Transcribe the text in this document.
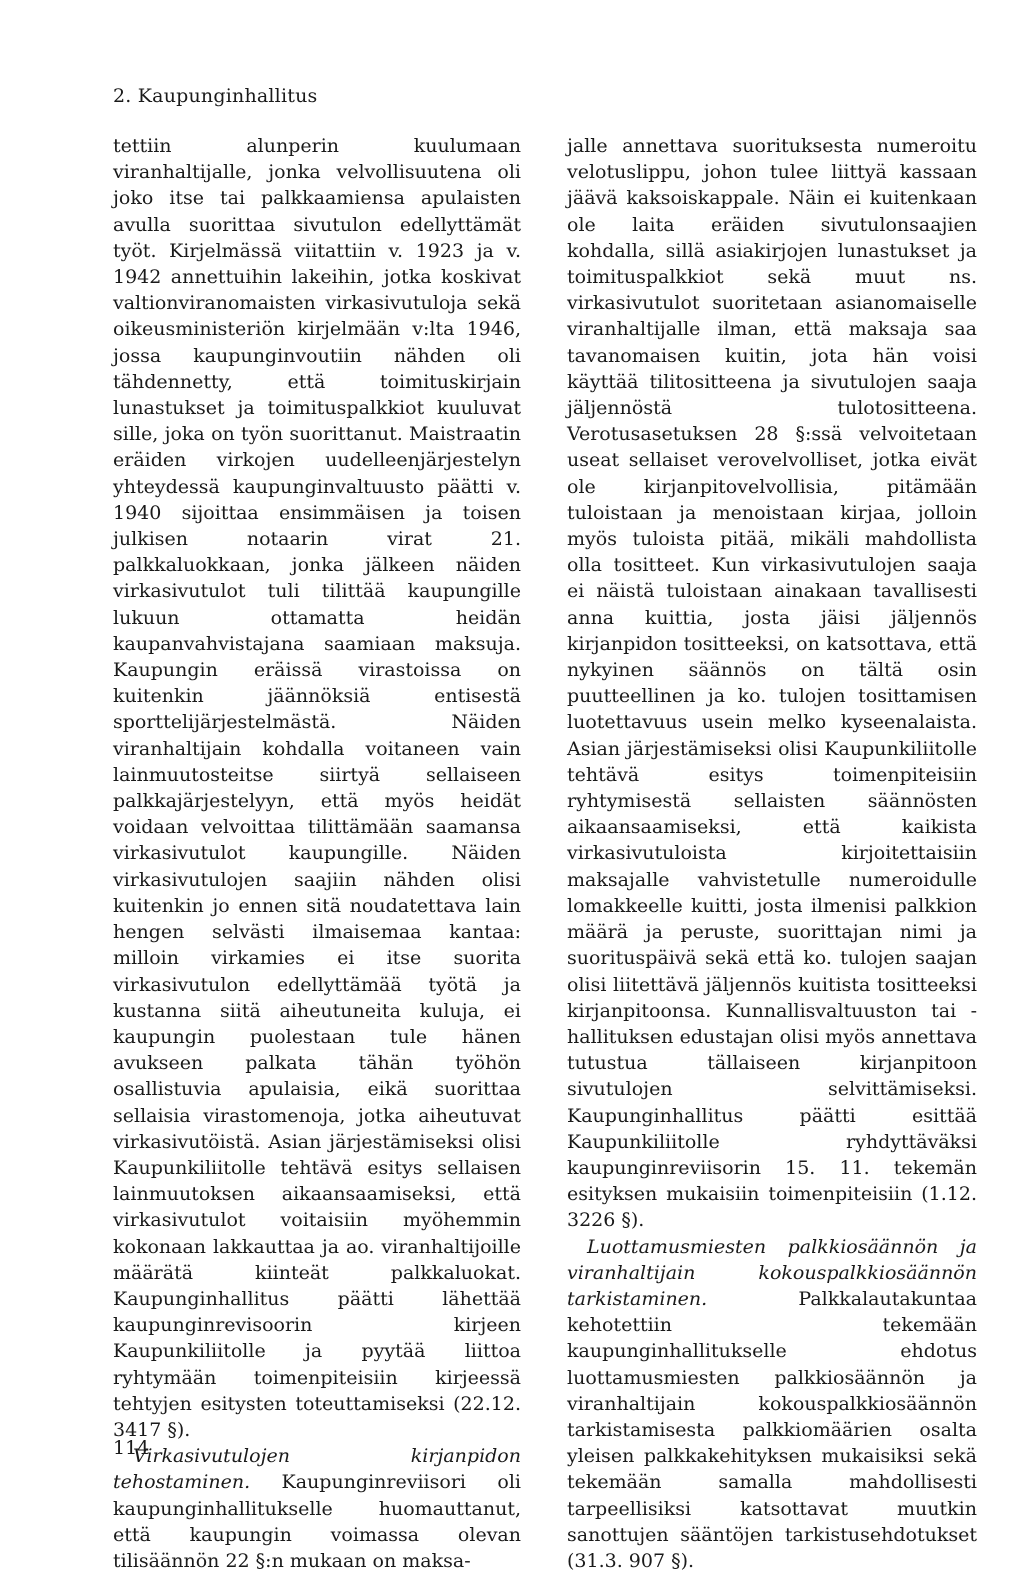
2. Kaupunginhallitus

tettiin alunperin kuulumaan viranhaltijalle, jonka velvollisuutena oli joko itse tai palkkaamiensa apulaisten avulla suorittaa sivutulon edellyttämät työt. Kirjelmässä viitattiin v. 1923 ja v. 1942 annettuihin lakeihin, jotka koskivat valtionviranomaisten virkasivutuloja sekä oikeusministeriön kirjelmään v:lta 1946, jossa kaupunginvoutiin nähden oli tähdennetty, että toimituskirjain lunastukset ja toimituspalkkiot kuuluvat sille, joka on työn suorittanut. Maistraatin eräiden virkojen uudelleenjärjestelyn yhteydessä kaupunginvaltuusto päätti v. 1940 sijoittaa ensimmäisen ja toisen julkisen notaarin virat 21. palkkaluokkaan, jonka jälkeen näiden virkasivutulot tuli tilittää kaupungille lukuun ottamatta heidän kaupanvahvistajana saamiaan maksuja. Kaupungin eräissä virastoissa on kuitenkin jäännöksiä entisestä sporttelijärjestelmästä. Näiden viranhaltijain kohdalla voitaneen vain lainmuutosteitse siirtyä sellaiseen palkkajärjestelyyn, että myös heidät voidaan velvoittaa tilittämään saamansa virkasivutulot kaupungille. Näiden virkasivutulojen saajiin nähden olisi kuitenkin jo ennen sitä noudatettava lain hengen selvästi ilmaisemaa kantaa: milloin virkamies ei itse suorita virkasivutulon edellyttämää työtä ja kustanna siitä aiheutuneita kuluja, ei kaupungin puolestaan tule hänen avukseen palkata tähän työhön osallistuvia apulaisia, eikä suorittaa sellaisia virastomenoja, jotka aiheutuvat virkasivutöistä. Asian järjestämiseksi olisi Kaupunkiliitolle tehtävä esitys sellaisen lainmuutoksen aikaansaamiseksi, että virkasivutulot voitaisiin myöhemmin kokonaan lakkauttaa ja ao. viranhaltijoille määrätä kiinteät palkkaluokat. Kaupunginhallitus päätti lähettää kaupunginrevisoorin kirjeen Kaupunkiliitolle ja pyytää liittoa ryhtymään toimenpiteisiin kirjeessä tehtyjen esitysten toteuttamiseksi (22.12. 3417 §).

Virkasivutulojen kirjanpidon tehostaminen. Kaupunginreviisori oli kaupunginhallitukselle huomauttanut, että kaupungin voimassa olevan tilisäännön 22 §:n mukaan on maksa-

jalle annettava suorituksesta numeroitu velotuslippu, johon tulee liittyä kassaan jäävä kaksoiskappale. Näin ei kuitenkaan ole laita eräiden sivutulonsaajien kohdalla, sillä asiakirjojen lunastukset ja toimituspalkkiot sekä muut ns. virkasivutulot suoritetaan asianomaiselle viranhaltijalle ilman, että maksaja saa tavanomaisen kuitin, jota hän voisi käyttää tilitositteena ja sivutulojen saaja jäljennöstä tulotositteena. Verotusasetuksen 28 §:ssä velvoitetaan useat sellaiset verovelvolliset, jotka eivät ole kirjanpitovelvollisia, pitämään tuloistaan ja menoistaan kirjaa, jolloin myös tuloista pitää, mikäli mahdollista olla tositteet. Kun virkasivutulojen saaja ei näistä tuloistaan ainakaan tavallisesti anna kuittia, josta jäisi jäljennös kirjanpidon tositteeksi, on katsottava, että nykyinen säännös on tältä osin puutteellinen ja ko. tulojen tosittamisen luotettavuus usein melko kyseenalaista. Asian järjestämiseksi olisi Kaupunkiliitolle tehtävä esitys toimenpiteisiin ryhtymisestä sellaisten säännösten aikaansaamiseksi, että kaikista virkasivutuloista kirjoitettaisiin maksajalle vahvistetulle numeroidulle lomakkeelle kuitti, josta ilmenisi palkkion määrä ja peruste, suorittajan nimi ja suorituspäivä sekä että ko. tulojen saajan olisi liitettävä jäljennös kuitista tositteeksi kirjanpitoonsa. Kunnallisvaltuuston tai -hallituksen edustajan olisi myös annettava tutustua tällaiseen kirjanpitoon sivutulojen selvittämiseksi. Kaupunginhallitus päätti esittää Kaupunkiliitolle ryhdyttäväksi kaupunginreviisorin 15. 11. tekemän esityksen mukaisiin toimenpiteisiin (1.12. 3226 §).

Luottamusmiesten palkkiosäännön ja viranhaltijain kokouspalkkiosäännön tarkistaminen. Palkkalautakuntaa kehotettiin tekemään kaupunginhallitukselle ehdotus luottamusmiesten palkkiosäännön ja viranhaltijain kokouspalkkiosäännön tarkistamisesta palkkiomäärien osalta yleisen palkkakehityksen mukaisiksi sekä tekemään samalla mahdollisesti tarpeellisiksi katsottavat muutkin sanottujen sääntöjen tarkistusehdotukset (31.3. 907 §).

114
